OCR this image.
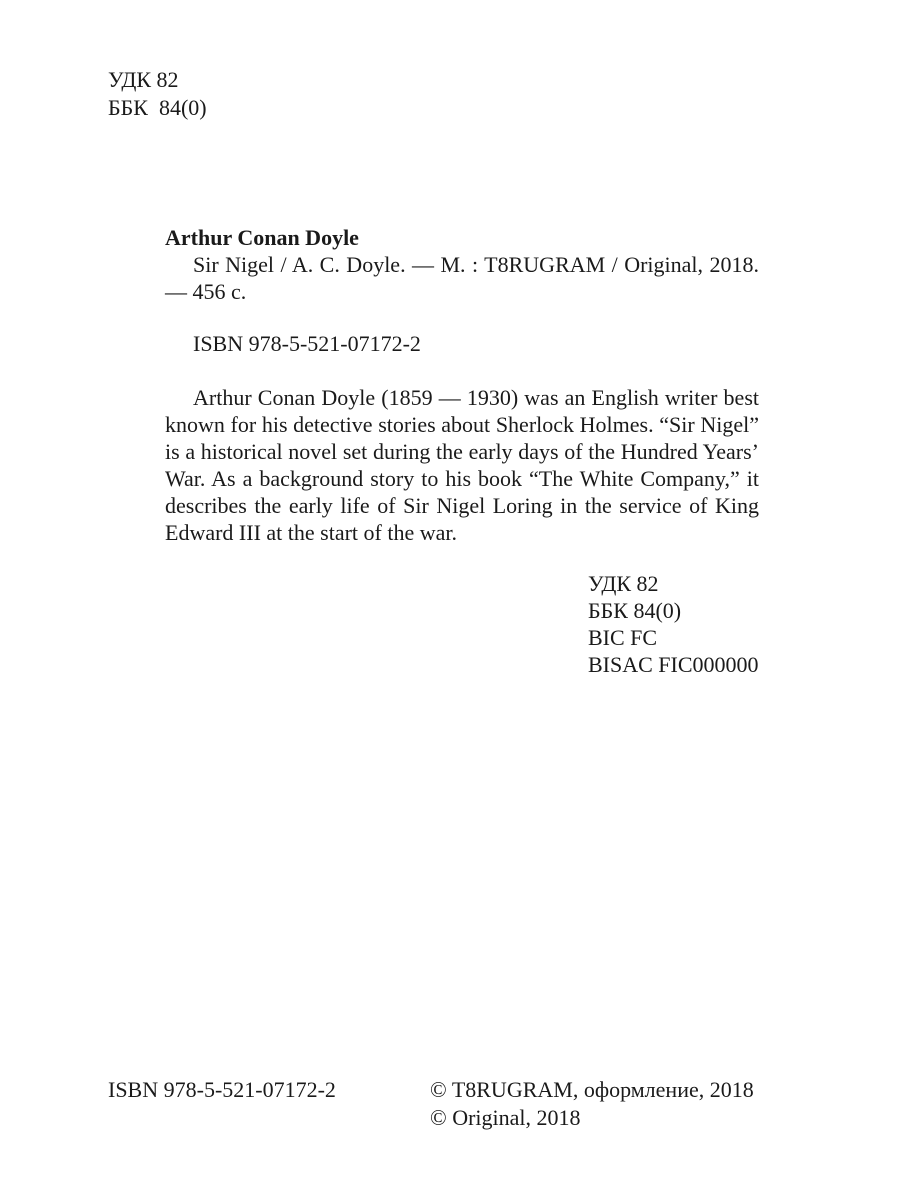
УДК 82
ББК  84(0)
Arthur Conan Doyle
Sir Nigel / A. C. Doyle. — M. : T8RUGRAM / Original, 2018. — 456 c.
ISBN 978-5-521-07172-2
Arthur Conan Doyle (1859 — 1930) was an English writer best known for his detective stories about Sherlock Holmes. “Sir Nigel” is a historical novel set during the early days of the Hundred Years’ War. As a background story to his book “The White Company,” it describes the early life of Sir Nigel Loring in the service of King Edward III at the start of the war.
УДК 82
ББК 84(0)
BIC FC
BISAC FIC000000
ISBN 978-5-521-07172-2	© T8RUGRAM, оформление, 2018
© Original, 2018
